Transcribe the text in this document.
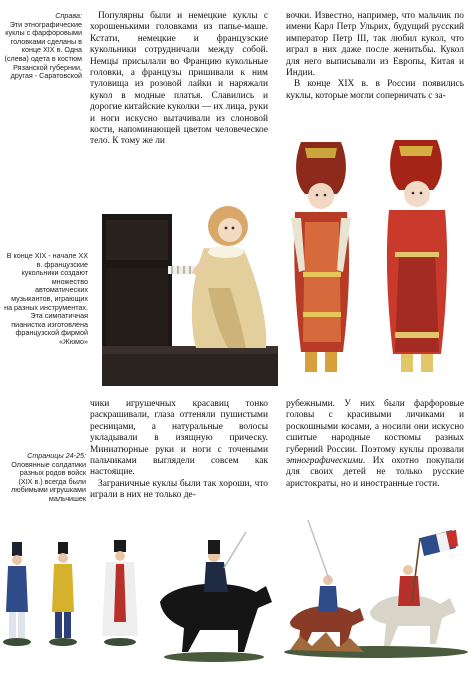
Справа:
Эти этнографические куклы с фарфоровыми головками сделаны в конце XIX в. Одна (слева) одета в костюм Рязанской губернии, другая - Саратовской

Популярны были и немецкие куклы с хорошенькими головками из папье-маше. Кстати, немецкие и французские кукольники сотрудничали между собой. Немцы присылали во Францию кукольные головки, а французы пришивали к ним туловища из розовой лайки и наряжали кукол в модные платья. Славились и дорогие китайские куколки — их лица, руки и ноги искусно вытачивали из слоновой кости, напоминающей цветом человеческое тело. К тому же ли

вочки. Известно, например, что мальчик по имени Карл Петр Ульрих, будущий русский император Петр III, так любил кукол, что играл в них даже после женитьбы. Кукол для него выписывали из Европы, Китая и Индии.

В конце XIX в. в России появились куклы, которые могли соперничать с за-

В конце XIX - начале XX в. французские кукольники создают множество автоматических музыкантов, играющих на разных инструментах. Эта симпатичная пианистка изготовлена французской фирмой «Жюмо»

чики игрушечных красавиц тонко раскрашивали, глаза оттеняли пушистыми ресницами, а натуральные волосы укладывали в изящную прическу. Миниатюрные руки и ноги с точеными пальчиками выглядели совсем как настоящие.

Заграничные куклы были так хороши, что играли в них не только де-

рубежными. У них были фарфоровые головы с красивыми личиками и роскошными косами, а носили они искусно сшитые народные костюмы разных губерний России. Поэтому куклы прозвали этнографическими. Их охотно покупали для своих детей не только русские аристократы, но и иностранные гости.

Страницы 24-25:
Оловянные солдатики разных родов войск (XIX в.) всегда были любимыми игрушками мальчишек
